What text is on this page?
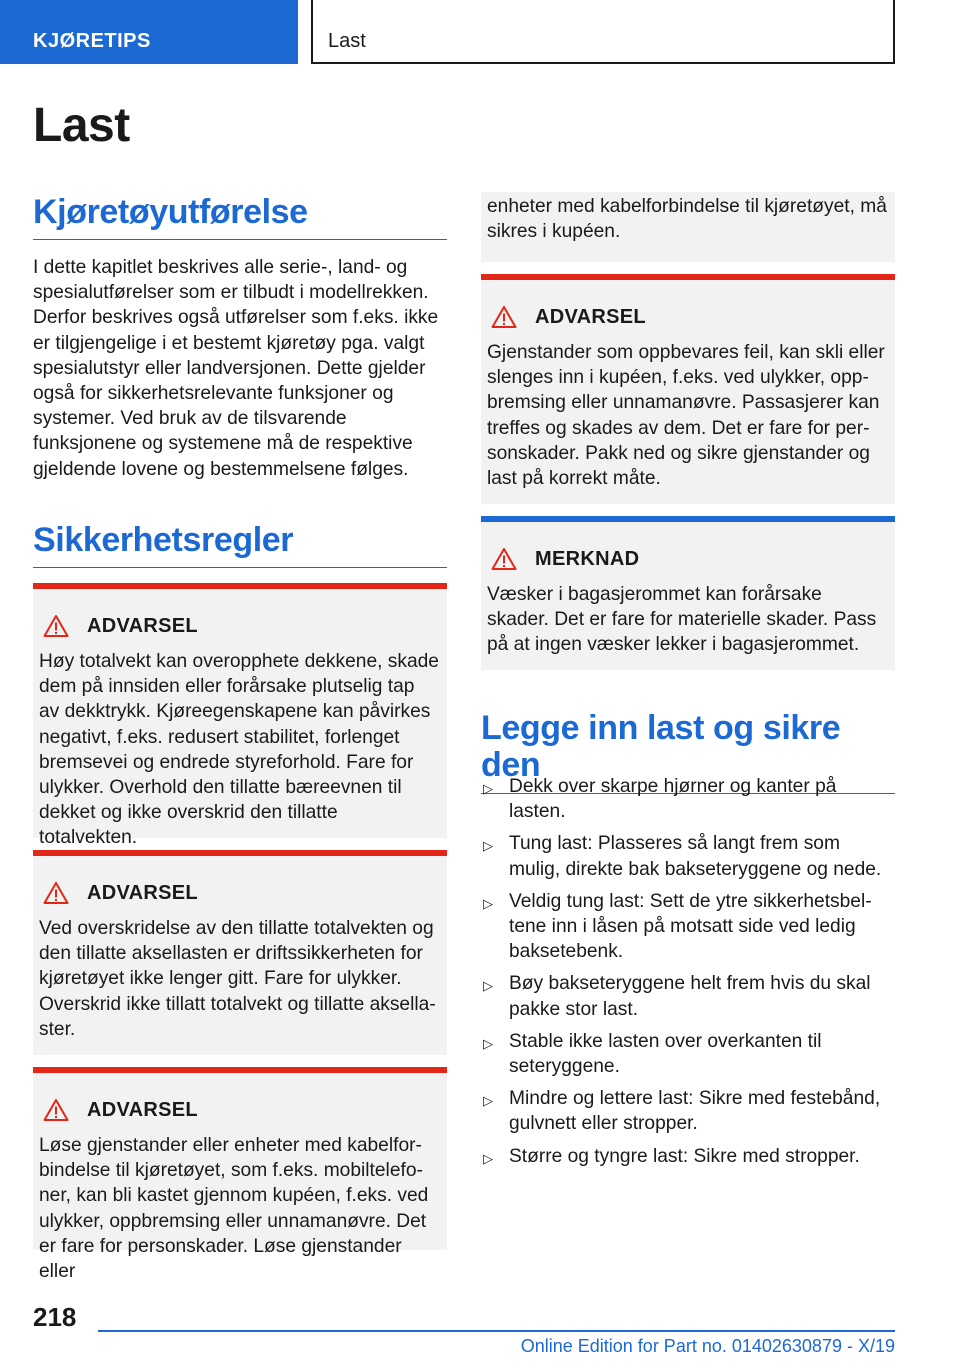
KJØRETIPS	Last
Last
Kjøretøyutførelse
I dette kapitlet beskrives alle serie-, land- og spesialutførelser som er tilbudt i modellrekken. Derfor beskrives også utførelser som f.eks. ikke er tilgjengelige i et bestemt kjøretøy pga. valgt spesialutstyr eller landversjonen. Dette gjelder også for sikkerhetsrelevante funksjoner og systemer. Ved bruk av de tilsvarende funksjonene og systemene må de respektive gjeldende lovene og bestemmelsene følges.
Sikkerhetsregler
ADVARSEL
Høy totalvekt kan overopphete dekkene, skade dem på innsiden eller forårsake plutselig tap av dekktrykk. Kjøreegenskapene kan påvirkes negativt, f.eks. redusert stabilitet, forlenget bremsevei og endrede styreforhold. Fare for ulykker. Overhold den tillatte bæreevnen til dekket og ikke overskrid den tillatte totalvekten.
ADVARSEL
Ved overskridelse av den tillatte totalvekten og den tillatte aksellasten er driftssikkerheten for kjøretøyet ikke lenger gitt. Fare for ulykker. Overskrid ikke tillatt totalvekt og tillatte aksellaster.
ADVARSEL
Løse gjenstander eller enheter med kabelforbindelse til kjøretøyet, som f.eks. mobiltelefoner, kan bli kastet gjennom kupéen, f.eks. ved ulykker, oppbremsing eller unnamanøvre. Det er fare for personskader. Løse gjenstander eller
enheter med kabelforbindelse til kjøretøyet, må sikres i kupéen.
ADVARSEL
Gjenstander som oppbevares feil, kan skli eller slenges inn i kupéen, f.eks. ved ulykker, oppbremsing eller unnamanøvre. Passasjerer kan treffes og skades av dem. Det er fare for personskader. Pakk ned og sikre gjenstander og last på korrekt måte.
MERKNAD
Væsker i bagasjerommet kan forårsake skader. Det er fare for materielle skader. Pass på at ingen væsker lekker i bagasjerommet.
Legge inn last og sikre den
▷ Dekk over skarpe hjørner og kanter på lasten.
▷ Tung last: Plasseres så langt frem som mulig, direkte bak bakseteryggene og nede.
▷ Veldig tung last: Sett de ytre sikkerhetsbeltene inn i låsen på motsatt side ved ledig baksetebenk.
▷ Bøy bakseteryggene helt frem hvis du skal pakke stor last.
▷ Stable ikke lasten over overkanten til seteryggene.
▷ Mindre og lettere last: Sikre med festebånd, gulvnett eller stropper.
▷ Større og tyngre last: Sikre med stropper.
218
Online Edition for Part no. 01402630879 - X/19
